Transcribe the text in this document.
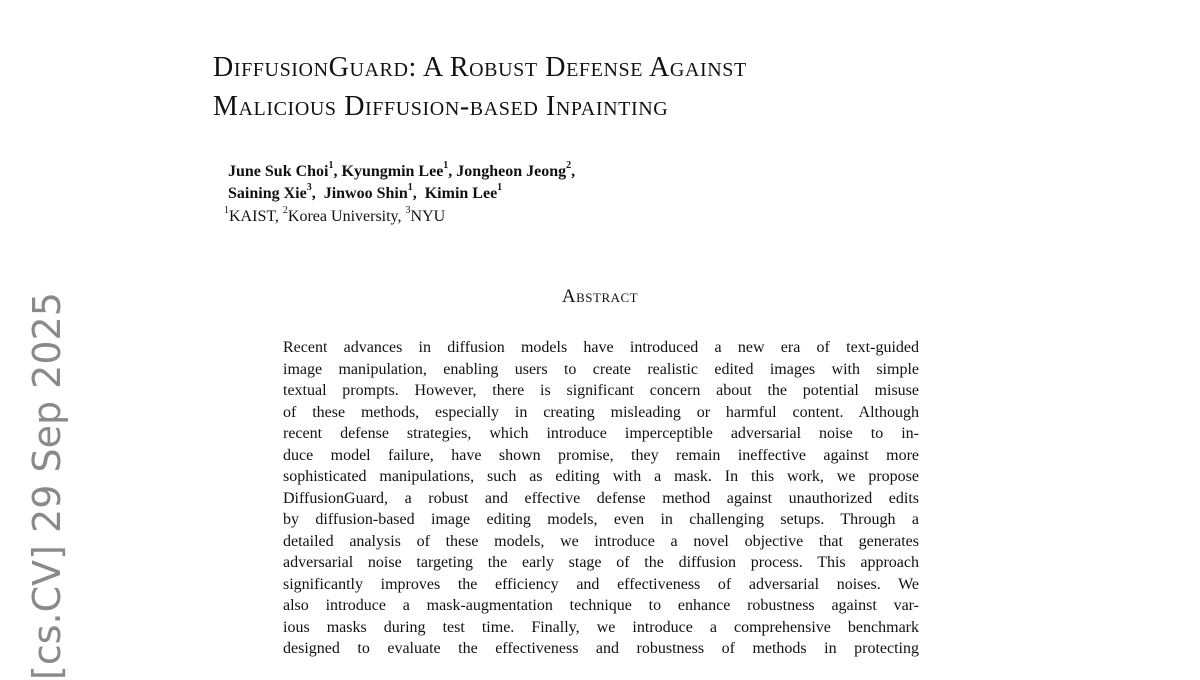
DiffusionGuard: A Robust Defense Against
Malicious Diffusion-based Inpainting
June Suk Choi$^1$, Kyungmin Lee$^1$, Jongheon Jeong$^2$,
Saining Xie$^3$,  Jinwoo Shin$^1$,  Kimin Lee$^1$
$^1$KAIST, $^2$Korea University, $^3$NYU
Abstract
Recent advances in diffusion models have introduced a new era of text-guided
image manipulation, enabling users to create realistic edited images with simple
textual prompts. However, there is significant concern about the potential misuse
of these methods, especially in creating misleading or harmful content. Although
recent defense strategies, which introduce imperceptible adversarial noise to in-
duce model failure, have shown promise, they remain ineffective against more
sophisticated manipulations, such as editing with a mask. In this work, we propose
DiffusionGuard, a robust and effective defense method against unauthorized edits
by diffusion-based image editing models, even in challenging setups. Through a
detailed analysis of these models, we introduce a novel objective that generates
adversarial noise targeting the early stage of the diffusion process. This approach
significantly improves the efficiency and effectiveness of adversarial noises. We
also introduce a mask-augmentation technique to enhance robustness against var-
ious masks during test time. Finally, we introduce a comprehensive benchmark
designed to evaluate the effectiveness and robustness of methods in protecting
[cs.CV] 29 Sep 2025
